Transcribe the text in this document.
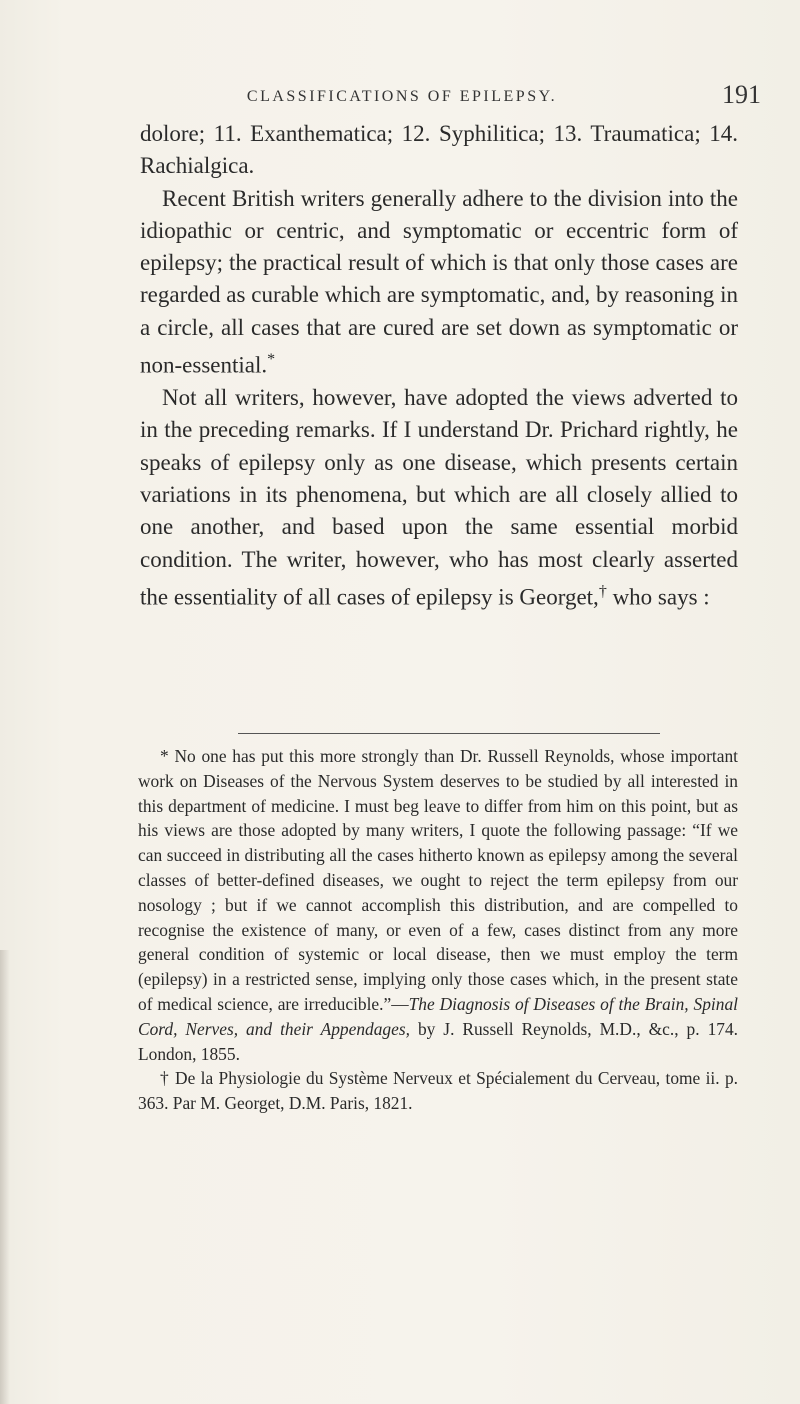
CLASSIFICATIONS OF EPILEPSY.	191

dolore; 11. Exanthematica; 12. Syphilitica; 13. Traumatica; 14. Rachialgica.

Recent British writers generally adhere to the division into the idiopathic or centric, and symptomatic or eccentric form of epilepsy; the practical result of which is that only those cases are regarded as curable which are symptomatic, and, by reasoning in a circle, all cases that are cured are set down as symptomatic or non-essential.*

Not all writers, however, have adopted the views adverted to in the preceding remarks. If I understand Dr. Prichard rightly, he speaks of epilepsy only as one disease, which presents certain variations in its phenomena, but which are all closely allied to one another, and based upon the same essential morbid condition. The writer, however, who has most clearly asserted the essentiality of all cases of epilepsy is Georget,† who says :

* No one has put this more strongly than Dr. Russell Reynolds, whose important work on Diseases of the Nervous System deserves to be studied by all interested in this department of medicine. I must beg leave to differ from him on this point, but as his views are those adopted by many writers, I quote the following passage: “If we can succeed in distributing all the cases hitherto known as epilepsy among the several classes of better-defined diseases, we ought to reject the term epilepsy from our nosology ; but if we cannot accomplish this distribution, and are compelled to recognise the existence of many, or even of a few, cases distinct from any more general condition of systemic or local disease, then we must employ the term (epilepsy) in a restricted sense, implying only those cases which, in the present state of medical science, are irreducible.”—The Diagnosis of Diseases of the Brain, Spinal Cord, Nerves, and their Appendages, by J. Russell Reynolds, M.D., &c., p. 174. London, 1855.

† De la Physiologie du Système Nerveux et Spécialement du Cerveau, tome ii. p. 363. Par M. Georget, D.M. Paris, 1821.
